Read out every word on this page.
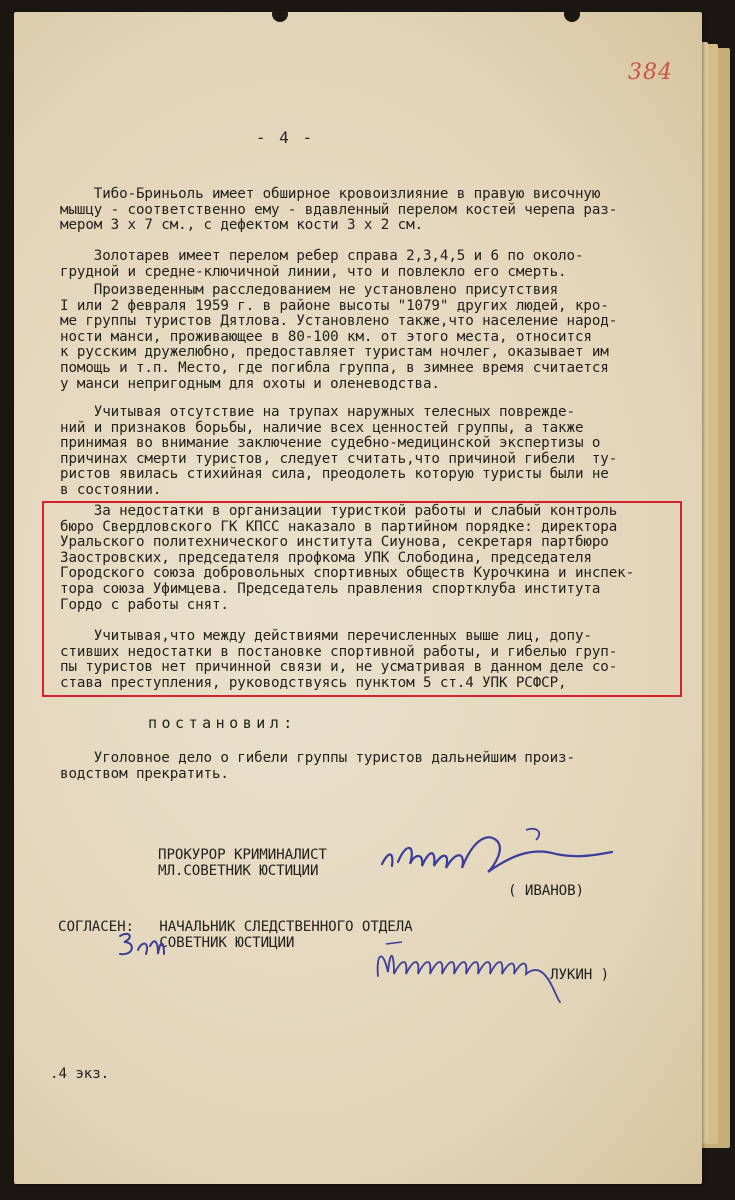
384
- 4 -
Тибо-Бриньоль имеет обширное кровоизлияние в правую височную
мышцу - соответственно ему - вдавленный перелом костей черепа раз-
мером 3 х 7 см., с дефектом кости 3 х 2 см.
Золотарев имеет перелом ребер справа 2,3,4,5 и 6 по около-
грудной и средне-ключичной линии, что и повлекло его смерть.
Произведенным расследованием не установлено присутствия
I или 2 февраля 1959 г. в районе высоты "1079" других людей, кро-
ме группы туристов Дятлова. Установлено также,что население народ-
ности манси, проживающее в 80-100 км. от этого места, относится
к русским дружелюбно, предоставляет туристам ночлег, оказывает им
помощь и т.п. Место, где погибла группа, в зимнее время считается
у манси непригодным для охоты и оленеводства.
Учитывая отсутствие на трупах наружных телесных поврежде-
ний и признаков борьбы, наличие всех ценностей группы, а также
принимая во внимание заключение судебно-медицинской экспертизы о
причинах смерти туристов, следует считать,что причиной гибели  ту-
ристов явилась стихийная сила, преодолеть которую туристы были не
в состоянии.
За недостатки в организации туристкой работы и слабый контроль
бюро Свердловского ГК КПСС наказало в партийном порядке: директора
Уральского политехнического института Сиунова, секретаря партбюро
Заостровских, председателя профкома УПК Слободина, председателя
Городского союза добровольных спортивных обществ Курочкина и инспек-
тора союза Уфимцева. Председатель правления спортклуба института
Гордо с работы снят.
Учитывая,что между действиями перечисленных выше лиц, допу-
стивших недостатки в постановке спортивной работы, и гибелью груп-
пы туристов нет причинной связи и, не усматривая в данном деле со-
става преступления, руководствуясь пунктом 5 ст.4 УПК РСФСР,
постановил:
Уголовное дело о гибели группы туристов дальнейшим произ-
водством прекратить.
ПРОКУРОР КРИМИНАЛИСТ
МЛ.СОВЕТНИК ЮСТИЦИИ
( ИВАНОВ)
СОГЛАСЕН:   НАЧАЛЬНИК СЛЕДСТВЕННОГО ОТДЕЛА
СОВЕТНИК ЮСТИЦИИ
ЛУКИН )
.4 экз.
